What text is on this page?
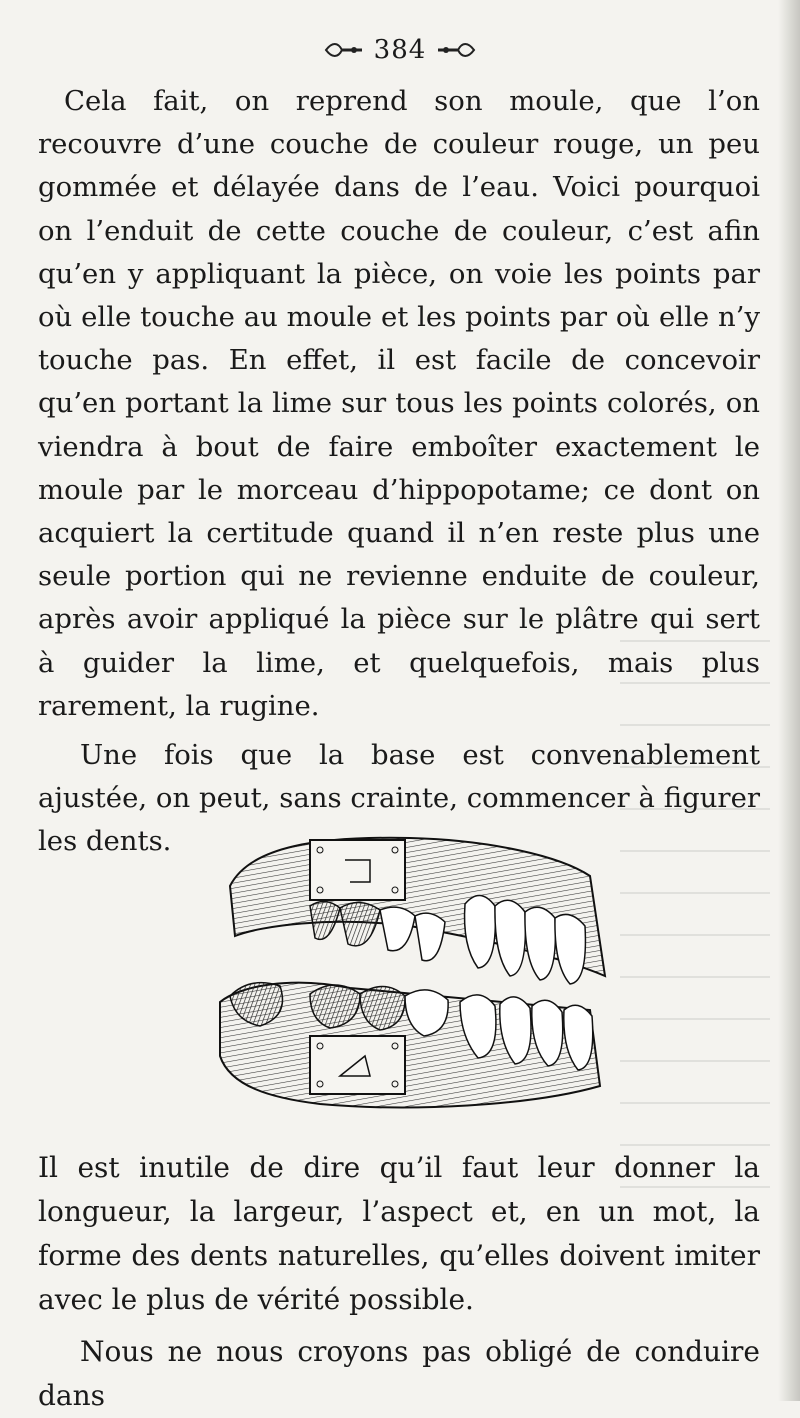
384

Cela fait, on reprend son moule, que l’on recouvre d’une couche de couleur rouge, un peu gommée et délayée dans de l’eau. Voici pourquoi on l’enduit de cette couche de couleur, c’est afin qu’en y appliquant la pièce, on voie les points par où elle touche au moule et les points par où elle n’y touche pas. En effet, il est facile de concevoir qu’en portant la lime sur tous les points colorés, on viendra à bout de faire emboîter exactement le moule par le morceau d’hippopotame; ce dont on acquiert la certitude quand il n’en reste plus une seule portion qui ne revienne enduite de couleur, après avoir appliqué la pièce sur le plâtre qui sert à guider la lime, et quelquefois, mais plus rarement, la rugine.

Une fois que la base est convenablement ajustée, on peut, sans crainte, commencer à figurer les dents.

Il est inutile de dire qu’il faut leur donner la longueur, la largeur, l’aspect et, en un mot, la forme des dents naturelles, qu’elles doivent imiter avec le plus de vérité possible.

Nous ne nous croyons pas obligé de conduire dans
